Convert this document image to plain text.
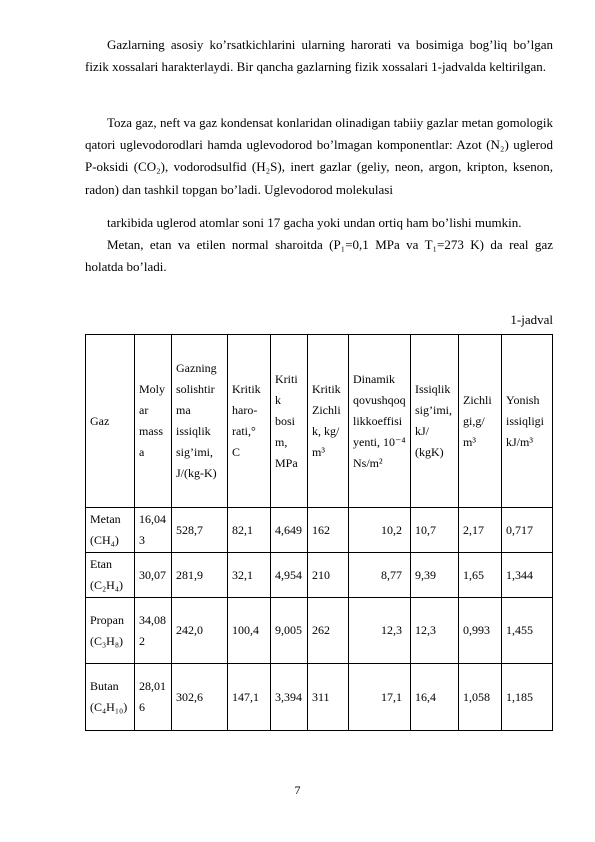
Gazlarning asosiy ko’rsatkichlarini ularning harorati va bosimiga bog’liq bo’lgan fizik xossalari harakterlaydi. Bir qancha gazlarning fizik xossalari 1-jadvalda keltirilgan.

Toza gaz, neft va gaz kondensat konlaridan olinadigan tabiiy gazlar metan gomologik qatori uglevodorodlari hamda uglevodorod bo’lmagan komponentlar: Azot (N₂) uglerod P-oksidi (CO₂), vodorodsulfid (H₂S), inert gazlar (geliy, neon, argon, kripton, ksenon, radon) dan tashkil topgan bo’ladi. Uglevodorod molekulasi

tarkibida uglerod atomlar soni 17 gacha yoki undan ortiq ham bo’lishi mumkin.

Metan, etan va etilen normal sharoitda (P₁=0,1 MPa va T₁=273 K) da real gaz holatda bo’ladi.

1-jadval
Gaz	Molyar massa	Gazning solishtirma issiqlik sig’imi, J/(kg-K)	Kritik haro-rati,° C	Kritik bosim, MPa	Kritik Zichlik, kg/ m³	Dinamik qovushqoqlikkoeffisiyenti, 10⁻⁴ Ns/m²	Issiqlik sig’imi, kJ/ (kgK)	Zichligi,g/ m³	Yonish issiqligi kJ/m³
Metan (CH₄)	16,043	528,7	82,1	4,649	162	10,2	10,7	2,17	0,717
Etan (C₂H₄)	30,07	281,9	32,1	4,954	210	8,77	9,39	1,65	1,344
Propan (C₃H₈)	34,082	242,0	100,4	9,005	262	12,3	12,3	0,993	1,455
Butan (C₄H₁₀)	28,016	302,6	147,1	3,394	311	17,1	16,4	1,058	1,185
7
